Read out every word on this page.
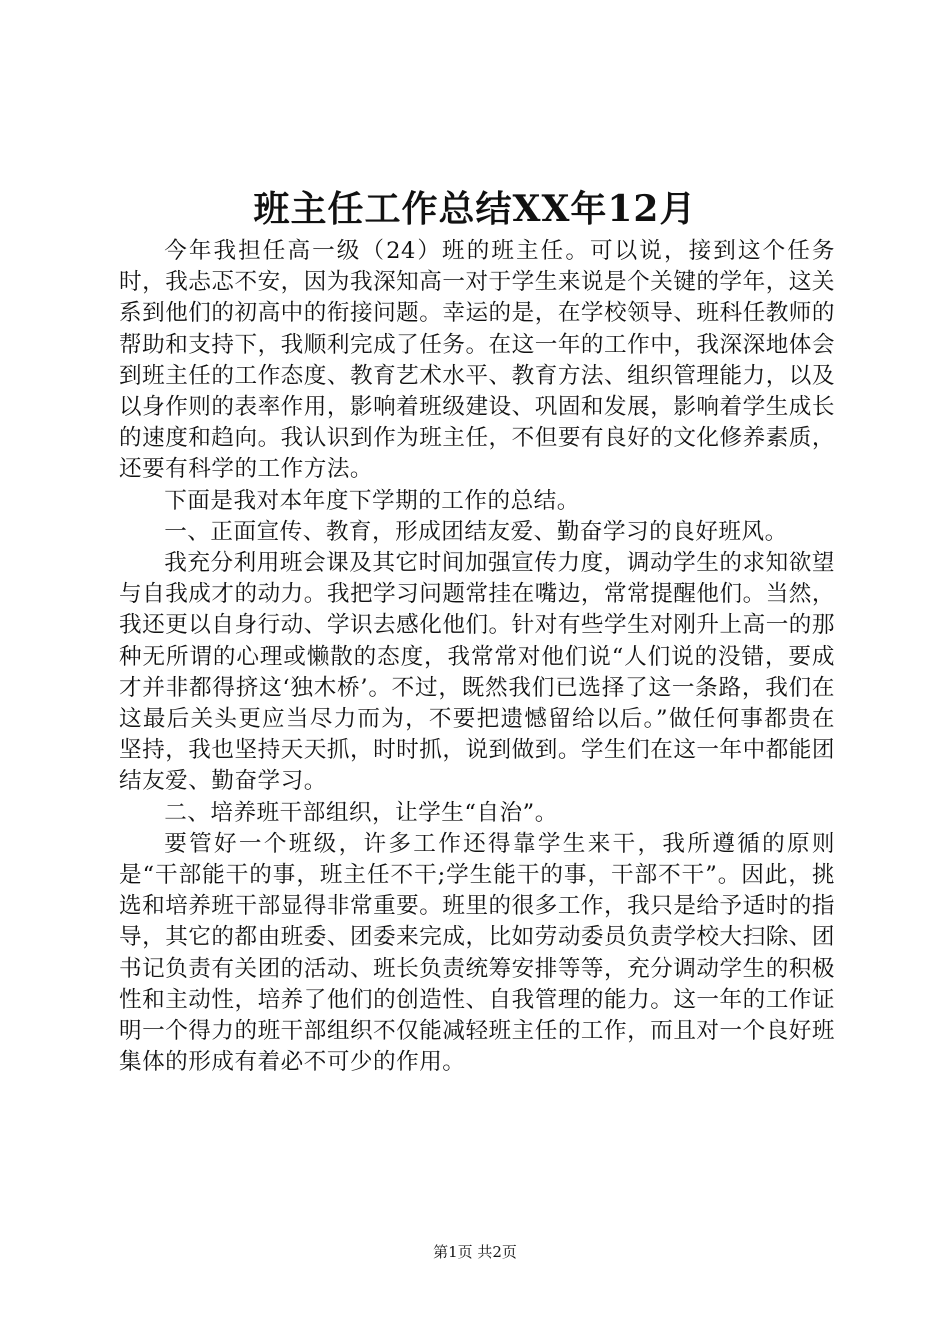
班主任工作总结XX年12月

今年我担任高一级（24）班的班主任。可以说，接到这个任务时，我忐忑不安，因为我深知高一对于学生来说是个关键的学年，这关系到他们的初高中的衔接问题。幸运的是，在学校领导、班科任教师的帮助和支持下，我顺利完成了任务。在这一年的工作中，我深深地体会到班主任的工作态度、教育艺术水平、教育方法、组织管理能力，以及以身作则的表率作用，影响着班级建设、巩固和发展，影响着学生成长的速度和趋向。我认识到作为班主任，不但要有良好的文化修养素质，还要有科学的工作方法。

下面是我对本年度下学期的工作的总结。

一、正面宣传、教育，形成团结友爱、勤奋学习的良好班风。

我充分利用班会课及其它时间加强宣传力度，调动学生的求知欲望与自我成才的动力。我把学习问题常挂在嘴边，常常提醒他们。当然，我还更以自身行动、学识去感化他们。针对有些学生对刚升上高一的那种无所谓的心理或懒散的态度，我常常对他们说“人们说的没错，要成才并非都得挤这‘独木桥’。不过，既然我们已选择了这一条路，我们在这最后关头更应当尽力而为，不要把遗憾留给以后。”做任何事都贵在坚持，我也坚持天天抓，时时抓，说到做到。学生们在这一年中都能团结友爱、勤奋学习。

二、培养班干部组织，让学生“自治”。

要管好一个班级，许多工作还得靠学生来干，我所遵循的原则是“干部能干的事，班主任不干;学生能干的事，干部不干”。因此，挑选和培养班干部显得非常重要。班里的很多工作，我只是给予适时的指导，其它的都由班委、团委来完成，比如劳动委员负责学校大扫除、团书记负责有关团的活动、班长负责统筹安排等等，充分调动学生的积极性和主动性，培养了他们的创造性、自我管理的能力。这一年的工作证明一个得力的班干部组织不仅能减轻班主任的工作，而且对一个良好班集体的形成有着必不可少的作用。

第1页 共2页
